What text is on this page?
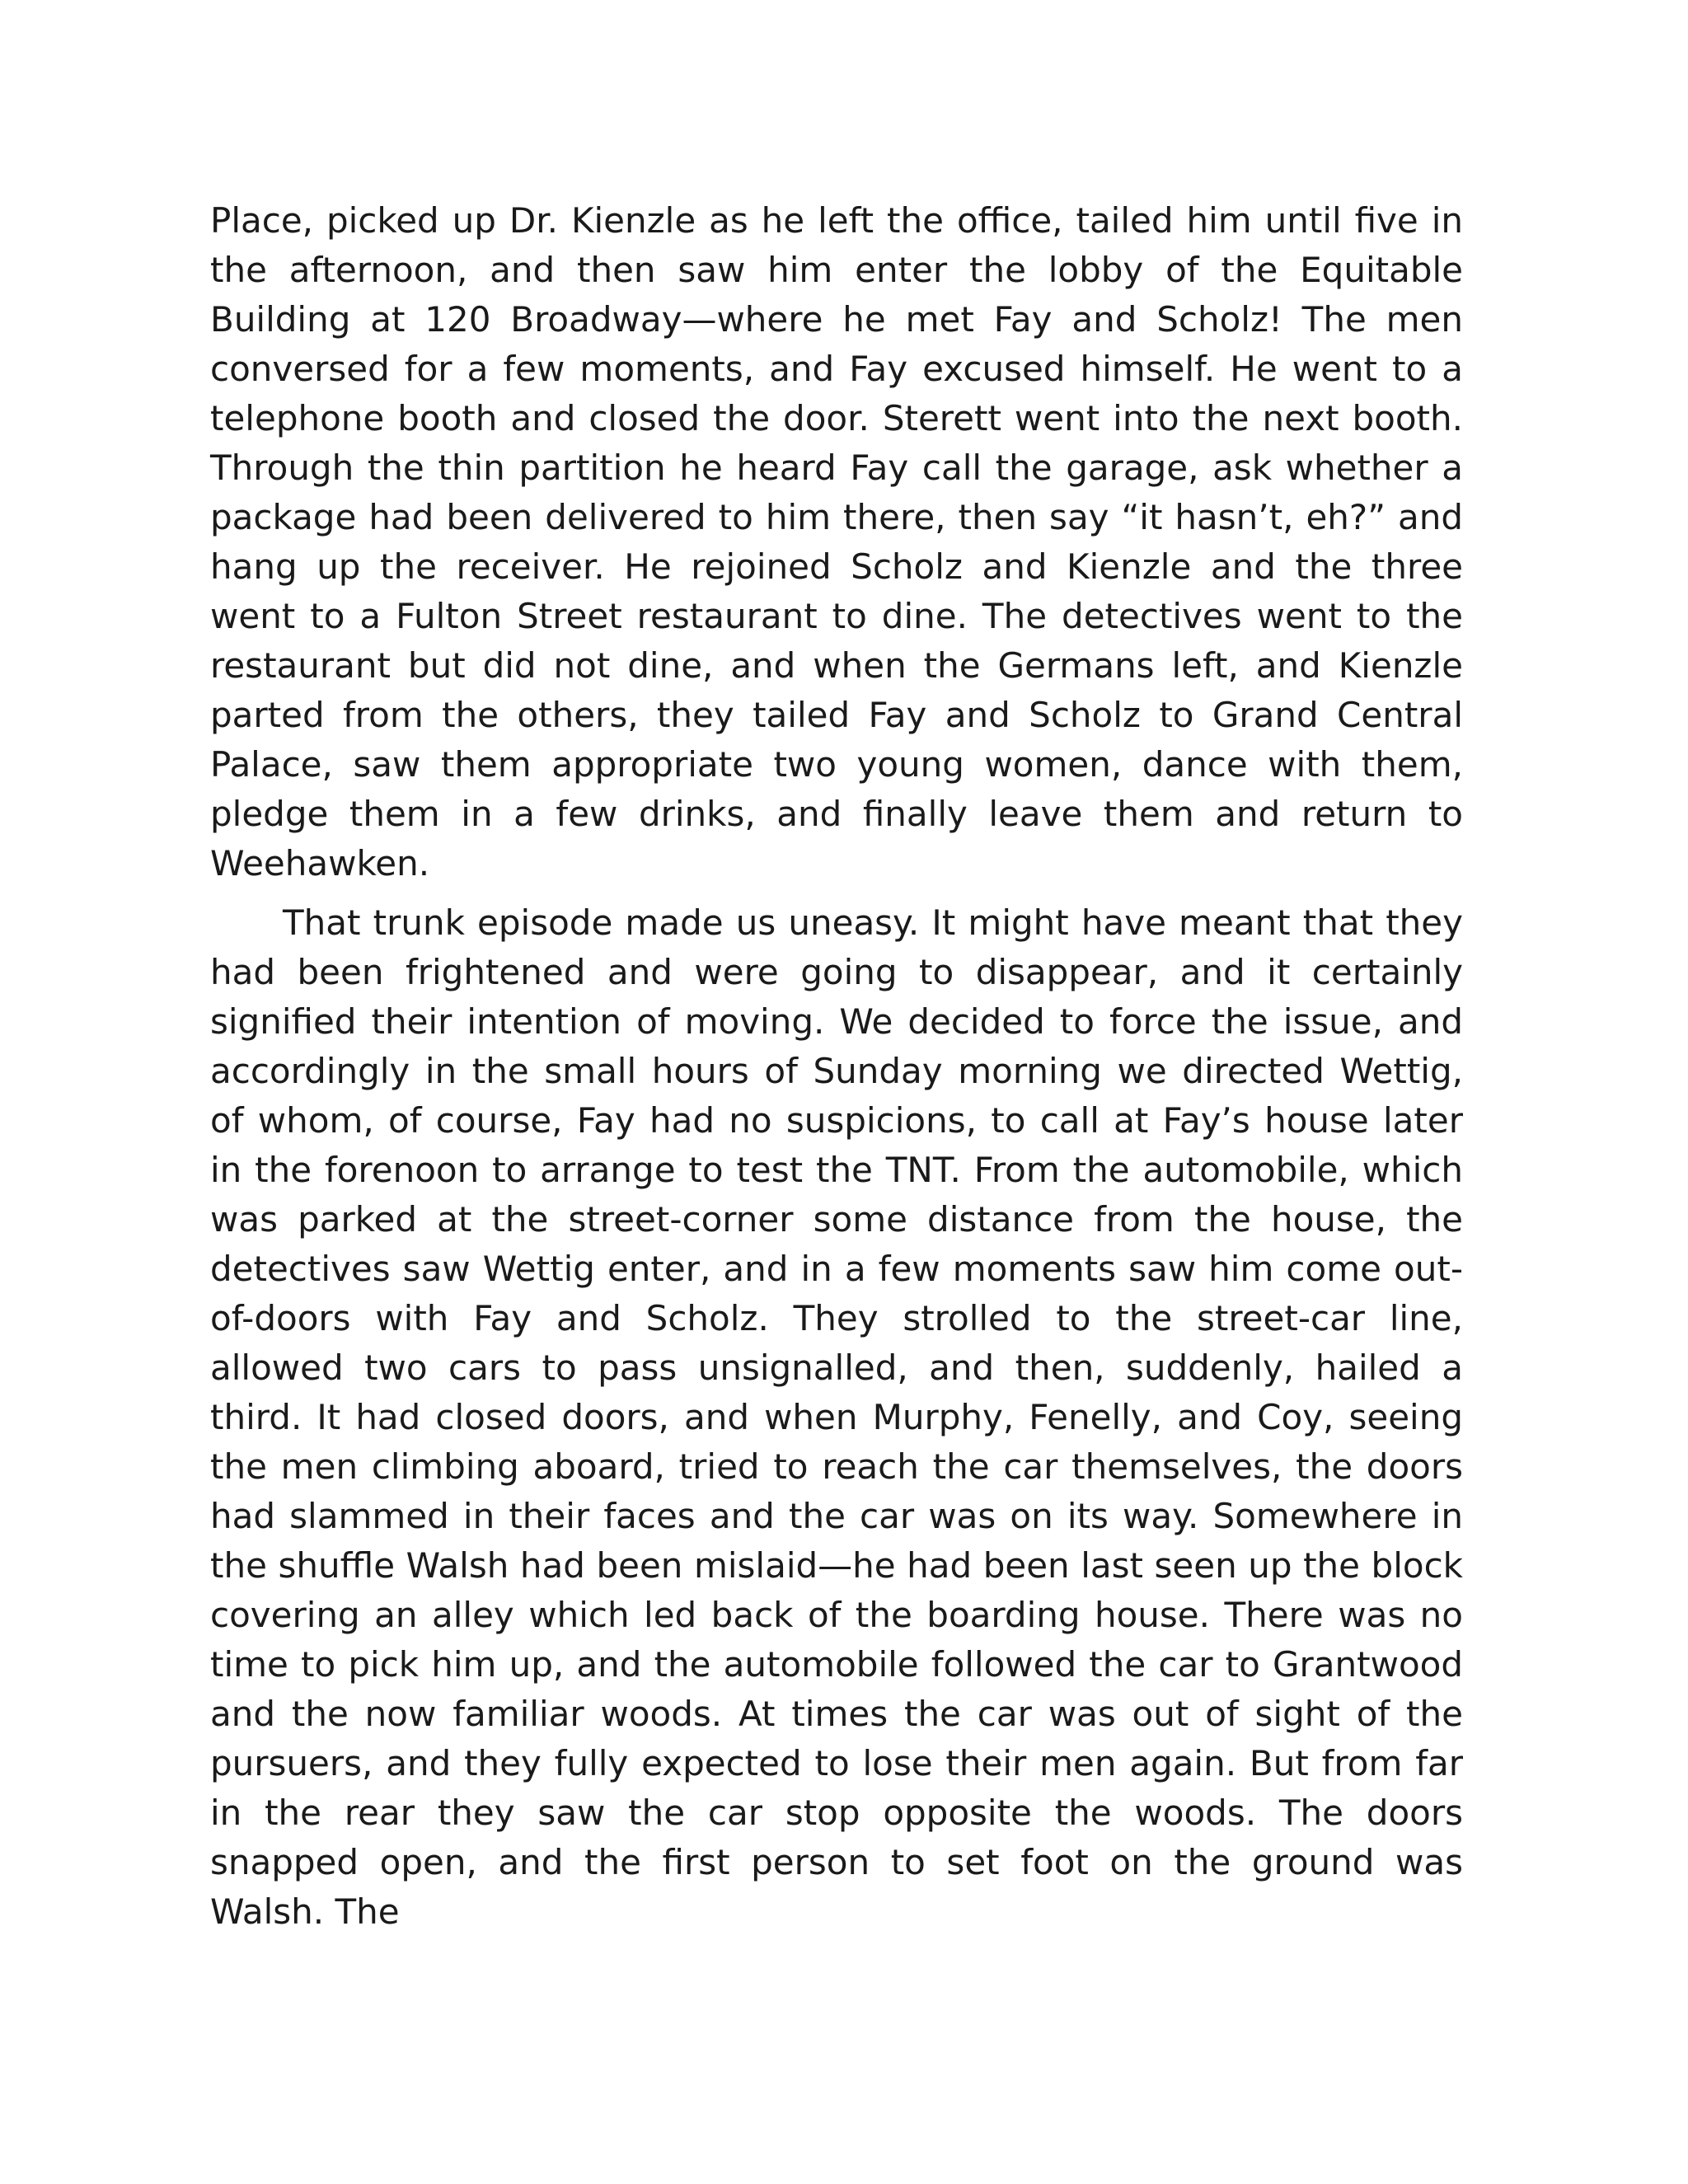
Place, picked up Dr. Kienzle as he left the office, tailed him until five in the afternoon, and then saw him enter the lobby of the Equitable Building at 120 Broadway—where he met Fay and Scholz! The men conversed for a few moments, and Fay excused himself. He went to a telephone booth and closed the door. Sterett went into the next booth. Through the thin partition he heard Fay call the garage, ask whether a package had been delivered to him there, then say “it hasn’t, eh?” and hang up the receiver. He rejoined Scholz and Kienzle and the three went to a Fulton Street restaurant to dine. The detectives went to the restaurant but did not dine, and when the Germans left, and Kienzle parted from the others, they tailed Fay and Scholz to Grand Central Palace, saw them appropriate two young women, dance with them, pledge them in a few drinks, and finally leave them and return to Weehawken.

That trunk episode made us uneasy. It might have meant that they had been frightened and were going to disappear, and it certainly signified their intention of moving. We decided to force the issue, and accordingly in the small hours of Sunday morning we directed Wettig, of whom, of course, Fay had no suspicions, to call at Fay’s house later in the forenoon to arrange to test the TNT. From the automobile, which was parked at the street-corner some distance from the house, the detectives saw Wettig enter, and in a few moments saw him come out-of-doors with Fay and Scholz. They strolled to the street-car line, allowed two cars to pass unsignalled, and then, suddenly, hailed a third. It had closed doors, and when Murphy, Fenelly, and Coy, seeing the men climbing aboard, tried to reach the car themselves, the doors had slammed in their faces and the car was on its way. Somewhere in the shuffle Walsh had been mislaid—he had been last seen up the block covering an alley which led back of the boarding house. There was no time to pick him up, and the automobile followed the car to Grantwood and the now familiar woods. At times the car was out of sight of the pursuers, and they fully expected to lose their men again. But from far in the rear they saw the car stop opposite the woods. The doors snapped open, and the first person to set foot on the ground was Walsh. The
